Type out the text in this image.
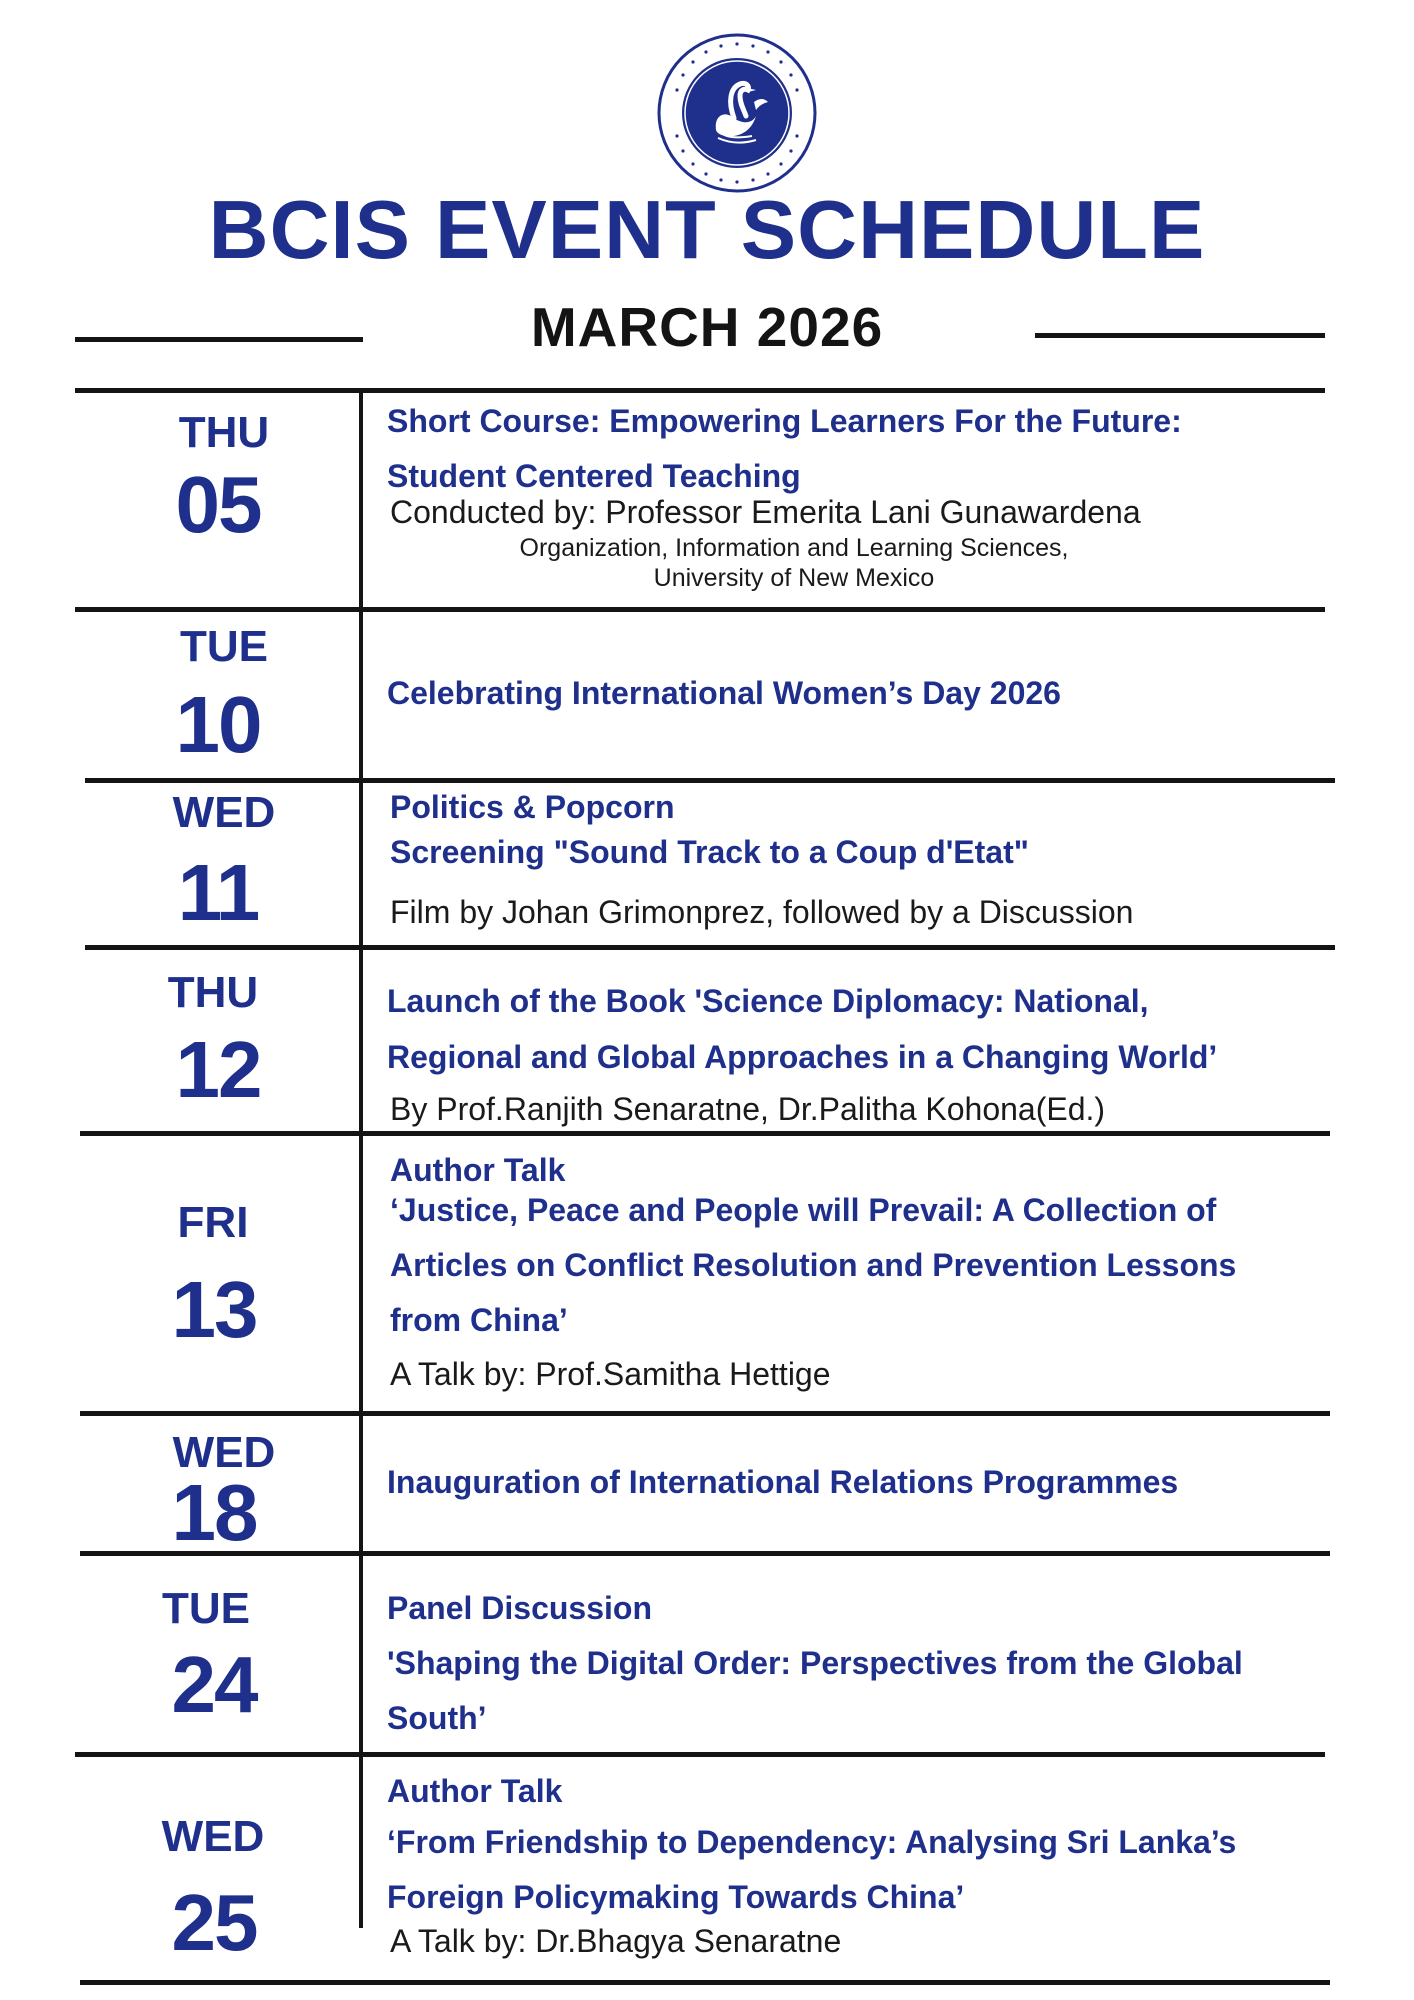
BCIS EVENT SCHEDULE
MARCH 2026
THU
05
Short Course: Empowering Learners For the Future:
Student Centered Teaching
Conducted by: Professor Emerita Lani Gunawardena
Organization, Information and Learning Sciences,
University of New Mexico
TUE
10	Celebrating International Women’s Day 2026
WED
11
Politics & Popcorn
Screening "Sound Track to a Coup d'Etat"
Film by Johan Grimonprez, followed by a Discussion
THU
12
Launch of the Book 'Science Diplomacy: National,
Regional and Global Approaches in a Changing World’
By Prof.Ranjith Senaratne, Dr.Palitha Kohona(Ed.)
FRI
13
Author Talk
‘Justice, Peace and People will Prevail: A Collection of
Articles on Conflict Resolution and Prevention Lessons
from China’
A Talk by: Prof.Samitha Hettige
WED
18	Inauguration of International Relations Programmes
TUE
24
Panel Discussion
'Shaping the Digital Order: Perspectives from the Global
South’
WED
25
Author Talk
‘From Friendship to Dependency: Analysing Sri Lanka’s
Foreign Policymaking Towards China’
A Talk by: Dr.Bhagya Senaratne
